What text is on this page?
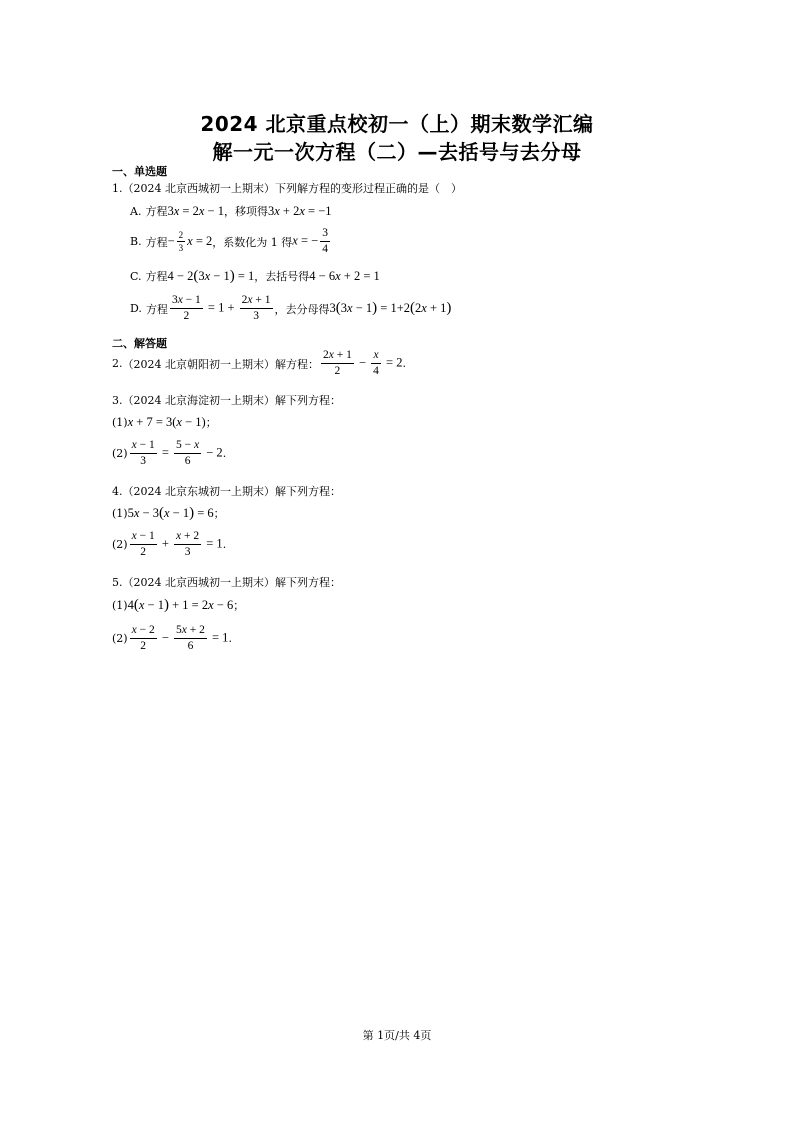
2024 北京重点校初一（上）期末数学汇编
解一元一次方程（二）—去括号与去分母
一、单选题
1. （2024 北京西城初一上期末） 下列解方程的变形过程正确的是（　）
A. 方程 3x = 2x − 1 ，移项得 3x + 2x = −1
B. 方程 − $\frac{2}{3}$ x = 2 ，系数化为 1 得 x = − $\frac{3}{4}$
C. 方程 4 − 2(3x − 1) = 1 ，去括号得 4 − 6x + 2 = 1
D. 方程 $\frac{3x - 1}{2} = 1 + \frac{2x + 1}{3}$ ，去分母得 3(3x − 1) = 1+2(2x + 1)
二、解答题
2. （2024 北京朝阳初一上期末） 解方程： $\frac{2x + 1}{2} - \frac{x}{4} = 2$ .
3. （2024 北京海淀初一上期末） 解下列方程：
(1) x + 7 = 3(x − 1) ；
$(2) \frac{x - 1}{3} = \frac{5 - x}{6} - 2$ .
4. （2024 北京东城初一上期末） 解下列方程：
(1) 5x − 3(x − 1) = 6 ；
$(2) \frac{x - 1}{2} + \frac{x + 2}{3} = 1$ .
5. （2024 北京西城初一上期末） 解下列方程：
(1) 4(x − 1) + 1 = 2x − 6 ；
$(2) \frac{x - 2}{2} - \frac{5x + 2}{6} = 1$ .
第 1页/共 4页
